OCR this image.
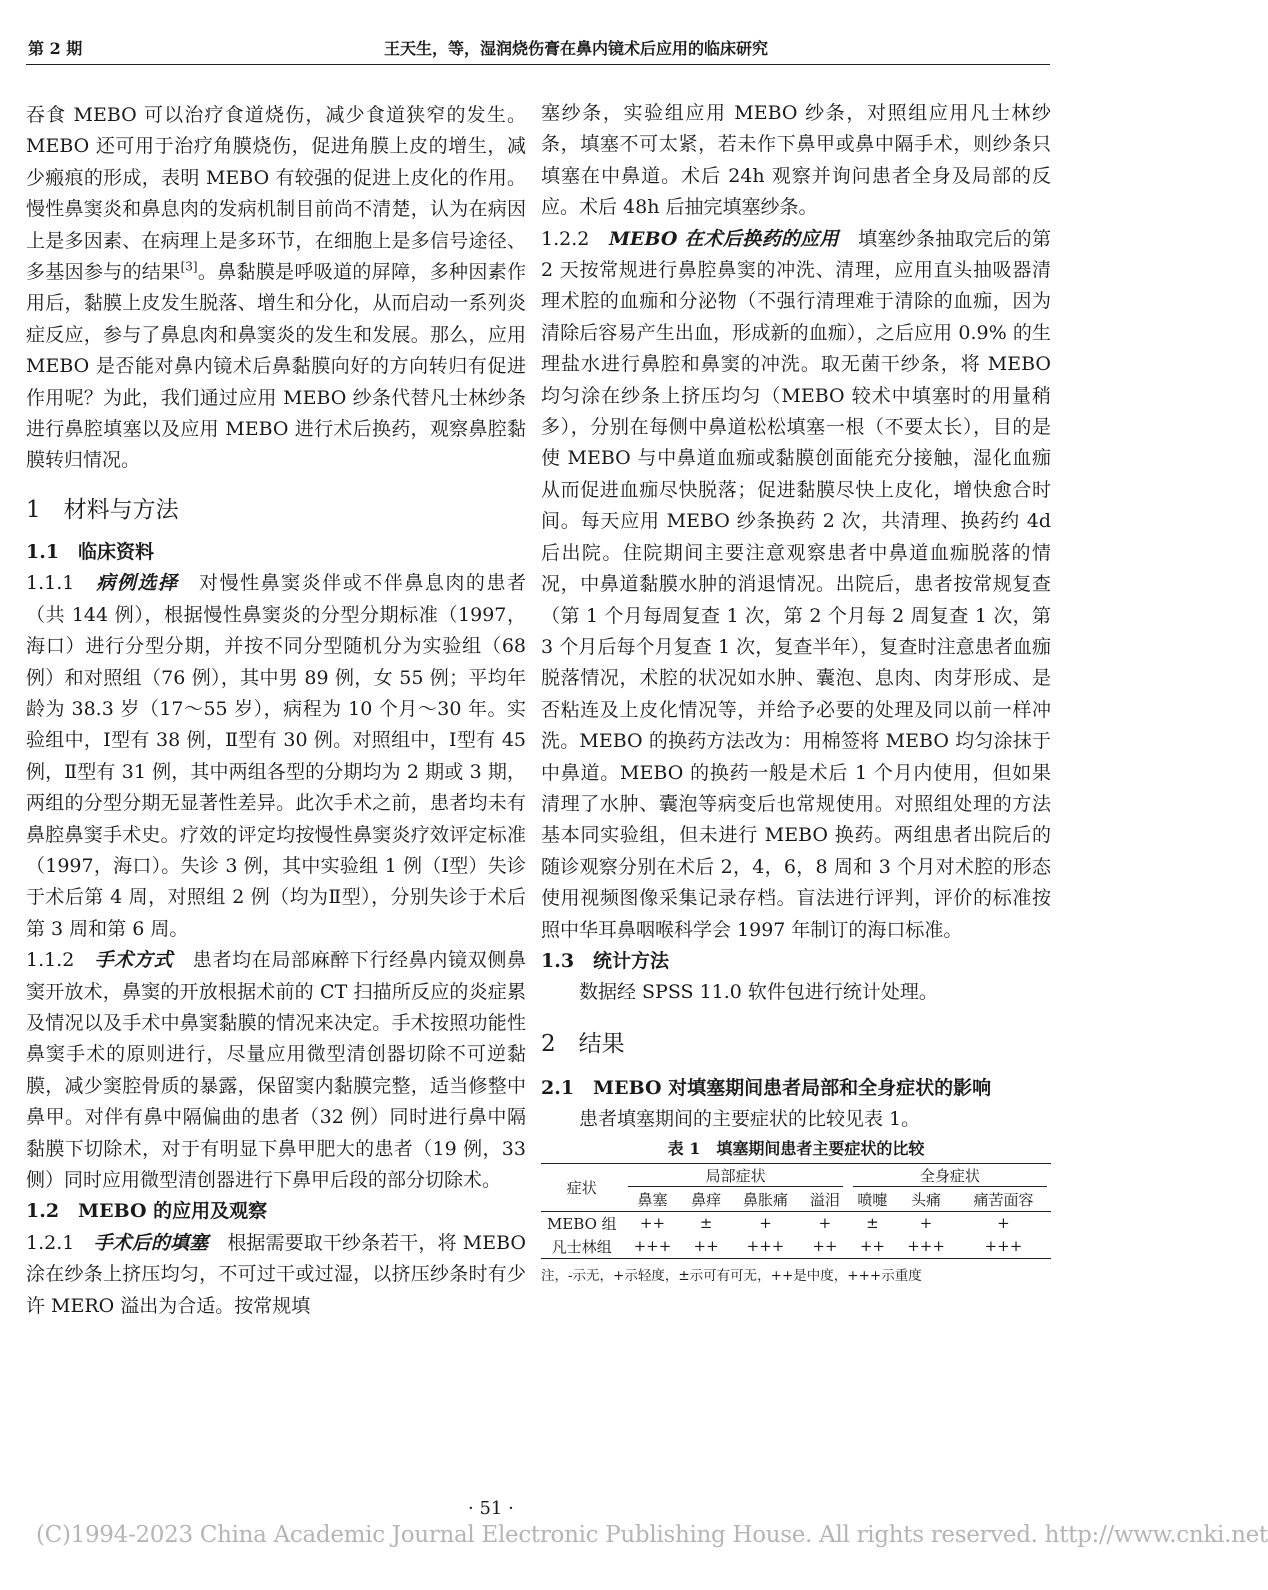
第 2 期	王天生，等，湿润烧伤膏在鼻内镜术后应用的临床研究

吞食 MEBO 可以治疗食道烧伤，减少食道狭窄的发生。MEBO 还可用于治疗角膜烧伤，促进角膜上皮的增生，减少瘢痕的形成，表明 MEBO 有较强的促进上皮化的作用。慢性鼻窦炎和鼻息肉的发病机制目前尚不清楚，认为在病因上是多因素、在病理上是多环节，在细胞上是多信号途径、多基因参与的结果[3]。鼻黏膜是呼吸道的屏障，多种因素作用后，黏膜上皮发生脱落、增生和分化，从而启动一系列炎症反应，参与了鼻息肉和鼻窦炎的发生和发展。那么，应用 MEBO 是否能对鼻内镜术后鼻黏膜向好的方向转归有促进作用呢？为此，我们通过应用 MEBO 纱条代替凡士林纱条进行鼻腔填塞以及应用 MEBO 进行术后换药，观察鼻腔黏膜转归情况。

1　材料与方法
1.1　临床资料

1.1.1　病例选择　对慢性鼻窦炎伴或不伴鼻息肉的患者（共 144 例），根据慢性鼻窦炎的分型分期标准（1997，海口）进行分型分期，并按不同分型随机分为实验组（68 例）和对照组（76 例），其中男 89 例，女 55 例；平均年龄为 38.3 岁（17～55 岁），病程为 10 个月～30 年。实验组中，Ⅰ型有 38 例，Ⅱ型有 30 例。对照组中，Ⅰ型有 45 例，Ⅱ型有 31 例，其中两组各型的分期均为 2 期或 3 期，两组的分型分期无显著性差异。此次手术之前，患者均未有鼻腔鼻窦手术史。疗效的评定均按慢性鼻窦炎疗效评定标准（1997，海口）。失诊 3 例，其中实验组 1 例（Ⅰ型）失诊于术后第 4 周，对照组 2 例（均为Ⅱ型），分别失诊于术后第 3 周和第 6 周。

1.1.2　手术方式　患者均在局部麻醉下行经鼻内镜双侧鼻窦开放术，鼻窦的开放根据术前的 CT 扫描所反应的炎症累及情况以及手术中鼻窦黏膜的情况来决定。手术按照功能性鼻窦手术的原则进行，尽量应用微型清创器切除不可逆黏膜，减少窦腔骨质的暴露，保留窦内黏膜完整，适当修整中鼻甲。对伴有鼻中隔偏曲的患者（32 例）同时进行鼻中隔黏膜下切除术，对于有明显下鼻甲肥大的患者（19 例，33 侧）同时应用微型清创器进行下鼻甲后段的部分切除术。

1.2　MEBO 的应用及观察

1.2.1　手术后的填塞　根据需要取干纱条若干，将 MEBO 涂在纱条上挤压均匀，不可过干或过湿，以挤压纱条时有少许 MERO 溢出为合适。按常规填

塞纱条，实验组应用 MEBO 纱条，对照组应用凡士林纱条，填塞不可太紧，若未作下鼻甲或鼻中隔手术，则纱条只填塞在中鼻道。术后 24h 观察并询问患者全身及局部的反应。术后 48h 后抽完填塞纱条。

1.2.2　MEBO 在术后换药的应用　填塞纱条抽取完后的第 2 天按常规进行鼻腔鼻窦的冲洗、清理，应用直头抽吸器清理术腔的血痂和分泌物（不强行清理难于清除的血痂，因为清除后容易产生出血，形成新的血痂），之后应用 0.9% 的生理盐水进行鼻腔和鼻窦的冲洗。取无菌干纱条，将 MEBO 均匀涂在纱条上挤压均匀（MEBO 较术中填塞时的用量稍多），分别在每侧中鼻道松松填塞一根（不要太长），目的是使 MEBO 与中鼻道血痂或黏膜创面能充分接触，湿化血痂从而促进血痂尽快脱落；促进黏膜尽快上皮化，增快愈合时间。每天应用 MEBO 纱条换药 2 次，共清理、换药约 4d 后出院。住院期间主要注意观察患者中鼻道血痂脱落的情况，中鼻道黏膜水肿的消退情况。出院后，患者按常规复查（第 1 个月每周复查 1 次，第 2 个月每 2 周复查 1 次，第 3 个月后每个月复查 1 次，复查半年），复查时注意患者血痂脱落情况，术腔的状况如水肿、囊泡、息肉、肉芽形成、是否粘连及上皮化情况等，并给予必要的处理及同以前一样冲洗。MEBO 的换药方法改为：用棉签将 MEBO 均匀涂抹于中鼻道。MEBO 的换药一般是术后 1 个月内使用，但如果清理了水肿、囊泡等病变后也常规使用。对照组处理的方法基本同实验组，但未进行 MEBO 换药。两组患者出院后的随诊观察分别在术后 2，4，6，8 周和 3 个月对术腔的形态使用视频图像采集记录存档。盲法进行评判，评价的标准按照中华耳鼻咽喉科学会 1997 年制订的海口标准。

1.3　统计方法

数据经 SPSS 11.0 软件包进行统计处理。

2　结果
2.1　MEBO 对填塞期间患者局部和全身症状的影响

患者填塞期间的主要症状的比较见表 1。

表 1　填塞期间患者主要症状的比较
症状	局部症状				全身症状		
	鼻塞	鼻痒	鼻胀痛	溢泪	喷嚏	头痛	痛苦面容
MEBO 组	++	±	+	+	±	+	+
凡士林组	+++	++	+++	++	++	+++	+++
注，-示无，+示轻度，±示可有可无，++是中度，+++示重度
· 51 ·
(C)1994-2023 China Academic Journal Electronic Publishing House. All rights reserved. http://www.cnki.net
